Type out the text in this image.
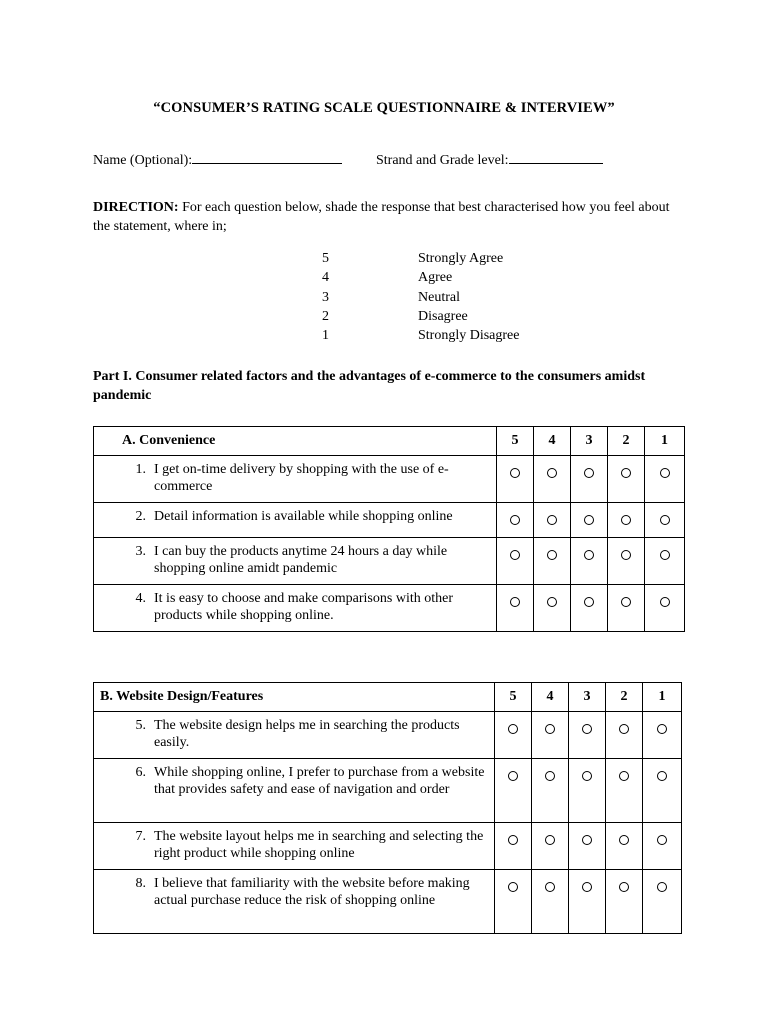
“CONSUMER’S RATING SCALE QUESTIONNAIRE & INTERVIEW”
Name (Optional):	Strand and Grade level:
DIRECTION: For each question below, shade the response that best characterised how you feel about the statement, where in;
5	Strongly Agree
4	Agree
3	Neutral
2	Disagree
1	Strongly Disagree
Part I. Consumer related factors and the advantages of e-commerce to the consumers amidst pandemic
A. Convenience	5	4	3	2	1

1. I get on-time delivery by shopping with the use of e-commerce					

2. Detail information is available while shopping online					

3. I can buy the products anytime 24 hours a day while shopping online amidt pandemic					

4. It is easy to choose and make comparisons with other products while shopping online.					

B. Website Design/Features	5	4	3	2	1

5. The website design helps me in searching the products easily.					

6. While shopping online, I prefer to purchase from a website that provides safety and ease of navigation and order					

7. The website layout helps me in searching and selecting the right product while shopping online					

8. I believe that familiarity with the website before making actual purchase reduce the risk of shopping online					
